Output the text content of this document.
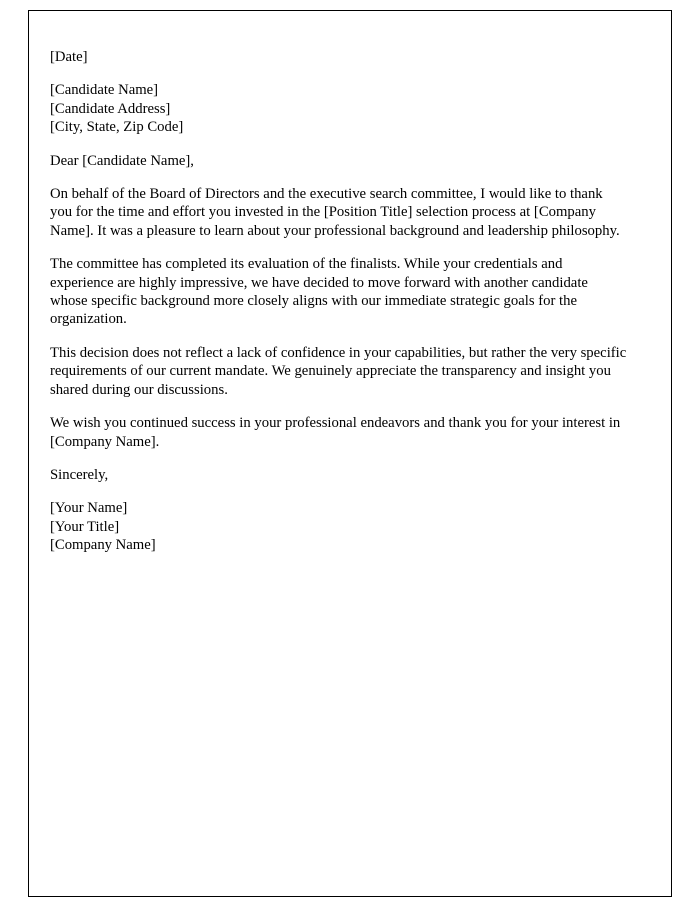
[Date]
[Candidate Name]
[Candidate Address]
[City, State, Zip Code]
Dear [Candidate Name],

On behalf of the Board of Directors and the executive search committee, I would like to thank you for the time and effort you invested in the [Position Title] selection process at [Company Name]. It was a pleasure to learn about your professional background and leadership philosophy.

The committee has completed its evaluation of the finalists. While your credentials and experience are highly impressive, we have decided to move forward with another candidate whose specific background more closely aligns with our immediate strategic goals for the organization.

This decision does not reflect a lack of confidence in your capabilities, but rather the very specific requirements of our current mandate. We genuinely appreciate the transparency and insight you shared during our discussions.

We wish you continued success in your professional endeavors and thank you for your interest in [Company Name].

Sincerely,
[Your Name]
[Your Title]
[Company Name]
